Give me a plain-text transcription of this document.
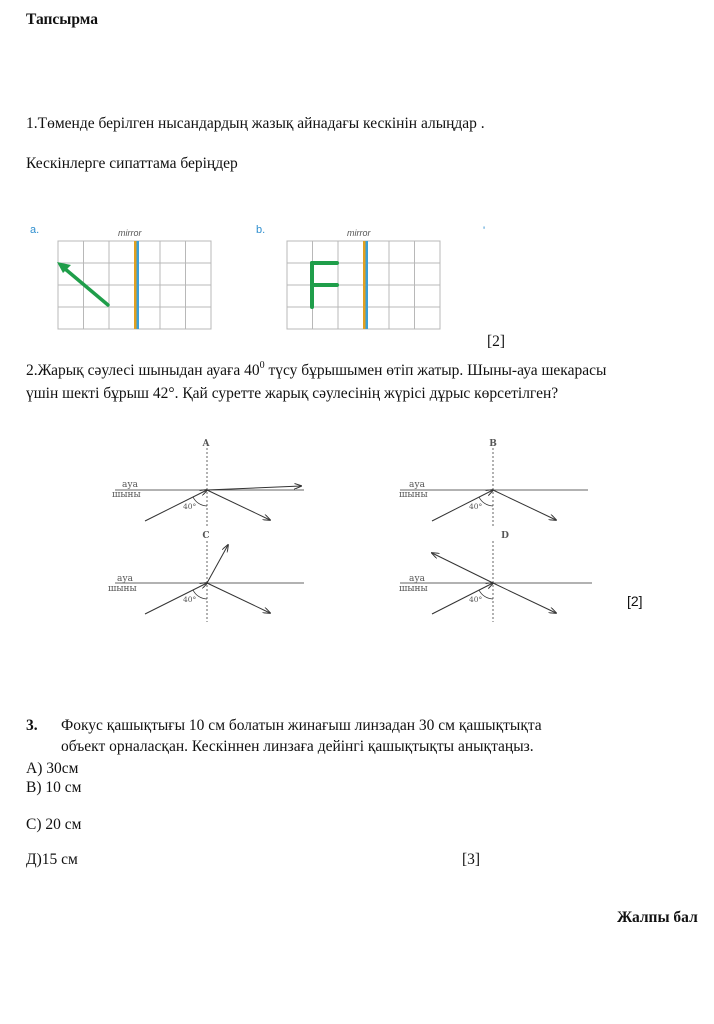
Тапсырма
1.Төменде берілген нысандардың жазық айнадағы кескінін алыңдар .
Кескінлерге сипаттама беріңдер
a.	mirror	b.	mirror	'
[2]
2.Жарық сәулесі шыныдан ауаға $40^0$ түсу бұрышымен өтіп жатыр. Шыны-ауа шекарасы
үшін шекті бұрыш 42°. Қай суретте жарық сәулесінің жүрісі дұрыс көрсетілген?
A
ауа
шыны
40°
B
ауа
шыны
40°
C
ауа
шыны
40°
D
ауа
шыны
40°	[2]
3. Фокус қашықтығы 10 см болатын жинағыш линзадан 30 см қашықтықта
объект орналасқан. Кескіннен линзаға дейінгі қашықтықты анықтаңыз.
А) 30см
В) 10 см
С) 20 см
Д)15 см	[3]
Жалпы бал
